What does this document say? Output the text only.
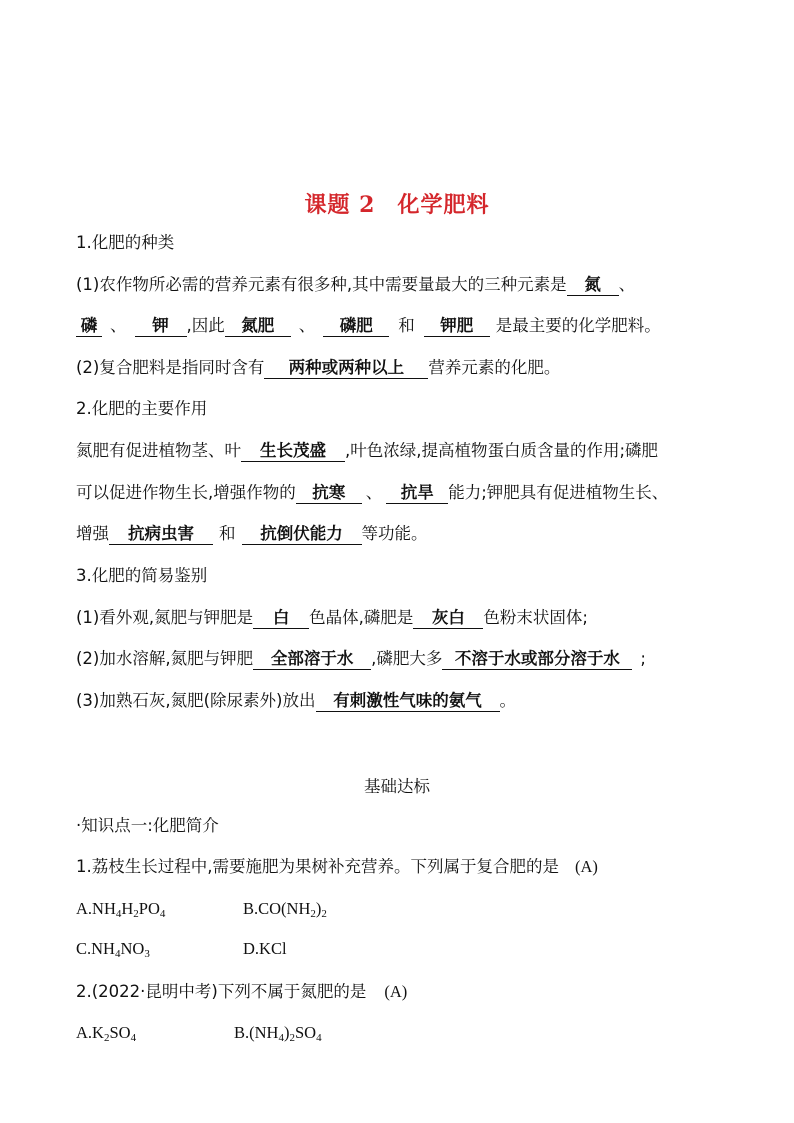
课题 2 化学肥料
1.化肥的种类
(1)农作物所必需的营养元素有很多种,其中需要量最大的三种元素是 氮 、
磷 、 钾 ,因此 氮肥 、 磷肥 和 钾肥 是最主要的化学肥料。
(2)复合肥料是指同时含有 两种或两种以上 营养元素的化肥。
2.化肥的主要作用
氮肥有促进植物茎、叶 生长茂盛 ,叶色浓绿,提高植物蛋白质含量的作用;磷肥
可以促进作物生长,增强作物的 抗寒 、 抗旱 能力;钾肥具有促进植物生长、
增强 抗病虫害 和 抗倒伏能力 等功能。
3.化肥的简易鉴别
(1)看外观,氮肥与钾肥是 白 色晶体,磷肥是 灰白 色粉末状固体;
(2)加水溶解,氮肥与钾肥 全部溶于水 ,磷肥大多 不溶于水或部分溶于水 ;
(3)加熟石灰,氮肥(除尿素外)放出 有刺激性气味的氨气 。
基础达标
·知识点一:化肥简介
1.荔枝生长过程中,需要施肥为果树补充营养。下列属于复合肥的是 (A)
$A.NH_4H_2PO_4$	$B.CO(NH_2)_2$
$C.NH_4NO_3$	D.KCl
2.(2022·昆明中考)下列不属于氮肥的是 (A)
$A.K_2SO_4$	$B.(NH_4)_2SO_4$
